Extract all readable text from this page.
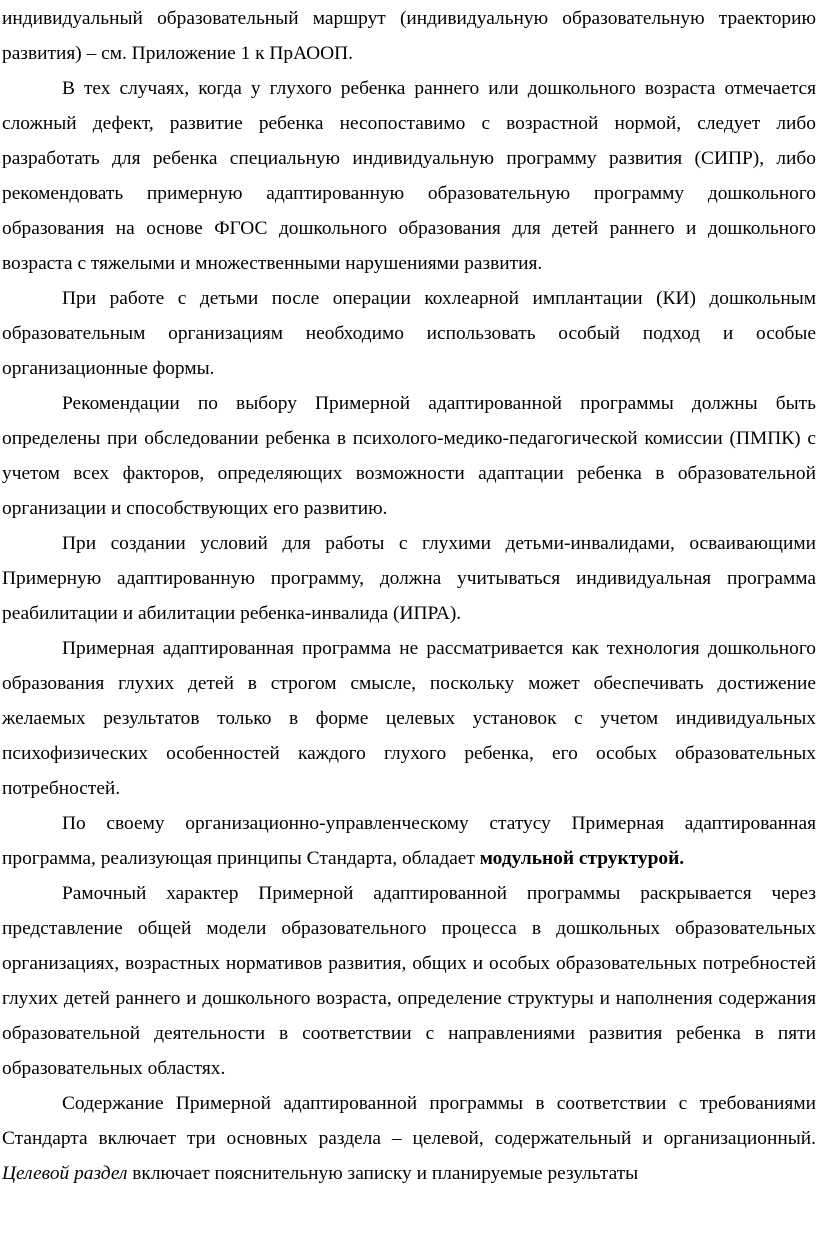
индивидуальный образовательный маршрут (индивидуальную образовательную траекторию развития) – см. Приложение 1 к ПрАООП.

В тех случаях, когда у глухого ребенка раннего или дошкольного возраста отмечается сложный дефект, развитие ребенка несопоставимо с возрастной нормой, следует либо разработать для ребенка специальную индивидуальную программу развития (СИПР), либо рекомендовать примерную адаптированную образовательную программу дошкольного образования на основе ФГОС дошкольного образования для детей раннего и дошкольного возраста с тяжелыми и множественными нарушениями развития.

При работе с детьми после операции кохлеарной имплантации (КИ) дошкольным образовательным организациям необходимо использовать особый подход и особые организационные формы.

Рекомендации по выбору Примерной адаптированной программы должны быть определены при обследовании ребенка в психолого-медико-педагогической комиссии (ПМПК) с учетом всех факторов, определяющих возможности адаптации ребенка в образовательной организации и способствующих его развитию.

При создании условий для работы с глухими детьми-инвалидами, осваивающими Примерную адаптированную программу, должна учитываться индивидуальная программа реабилитации и абилитации ребенка-инвалида (ИПРА).

Примерная адаптированная программа не рассматривается как технология дошкольного образования глухих детей в строгом смысле, поскольку может обеспечивать достижение желаемых результатов только в форме целевых установок с учетом индивидуальных психофизических особенностей каждого глухого ребенка, его особых образовательных потребностей.

По своему организационно-управленческому статусу Примерная адаптированная программа, реализующая принципы Стандарта, обладает модульной структурой.

Рамочный характер Примерной адаптированной программы раскрывается через представление общей модели образовательного процесса в дошкольных образовательных организациях, возрастных нормативов развития, общих и особых образовательных потребностей глухих детей раннего и дошкольного возраста, определение структуры и наполнения содержания образовательной деятельности в соответствии с направлениями развития ребенка в пяти образовательных областях.

Содержание Примерной адаптированной программы в соответствии с требованиями Стандарта включает три основных раздела – целевой, содержательный и организационный. Целевой раздел включает пояснительную записку и планируемые результаты
